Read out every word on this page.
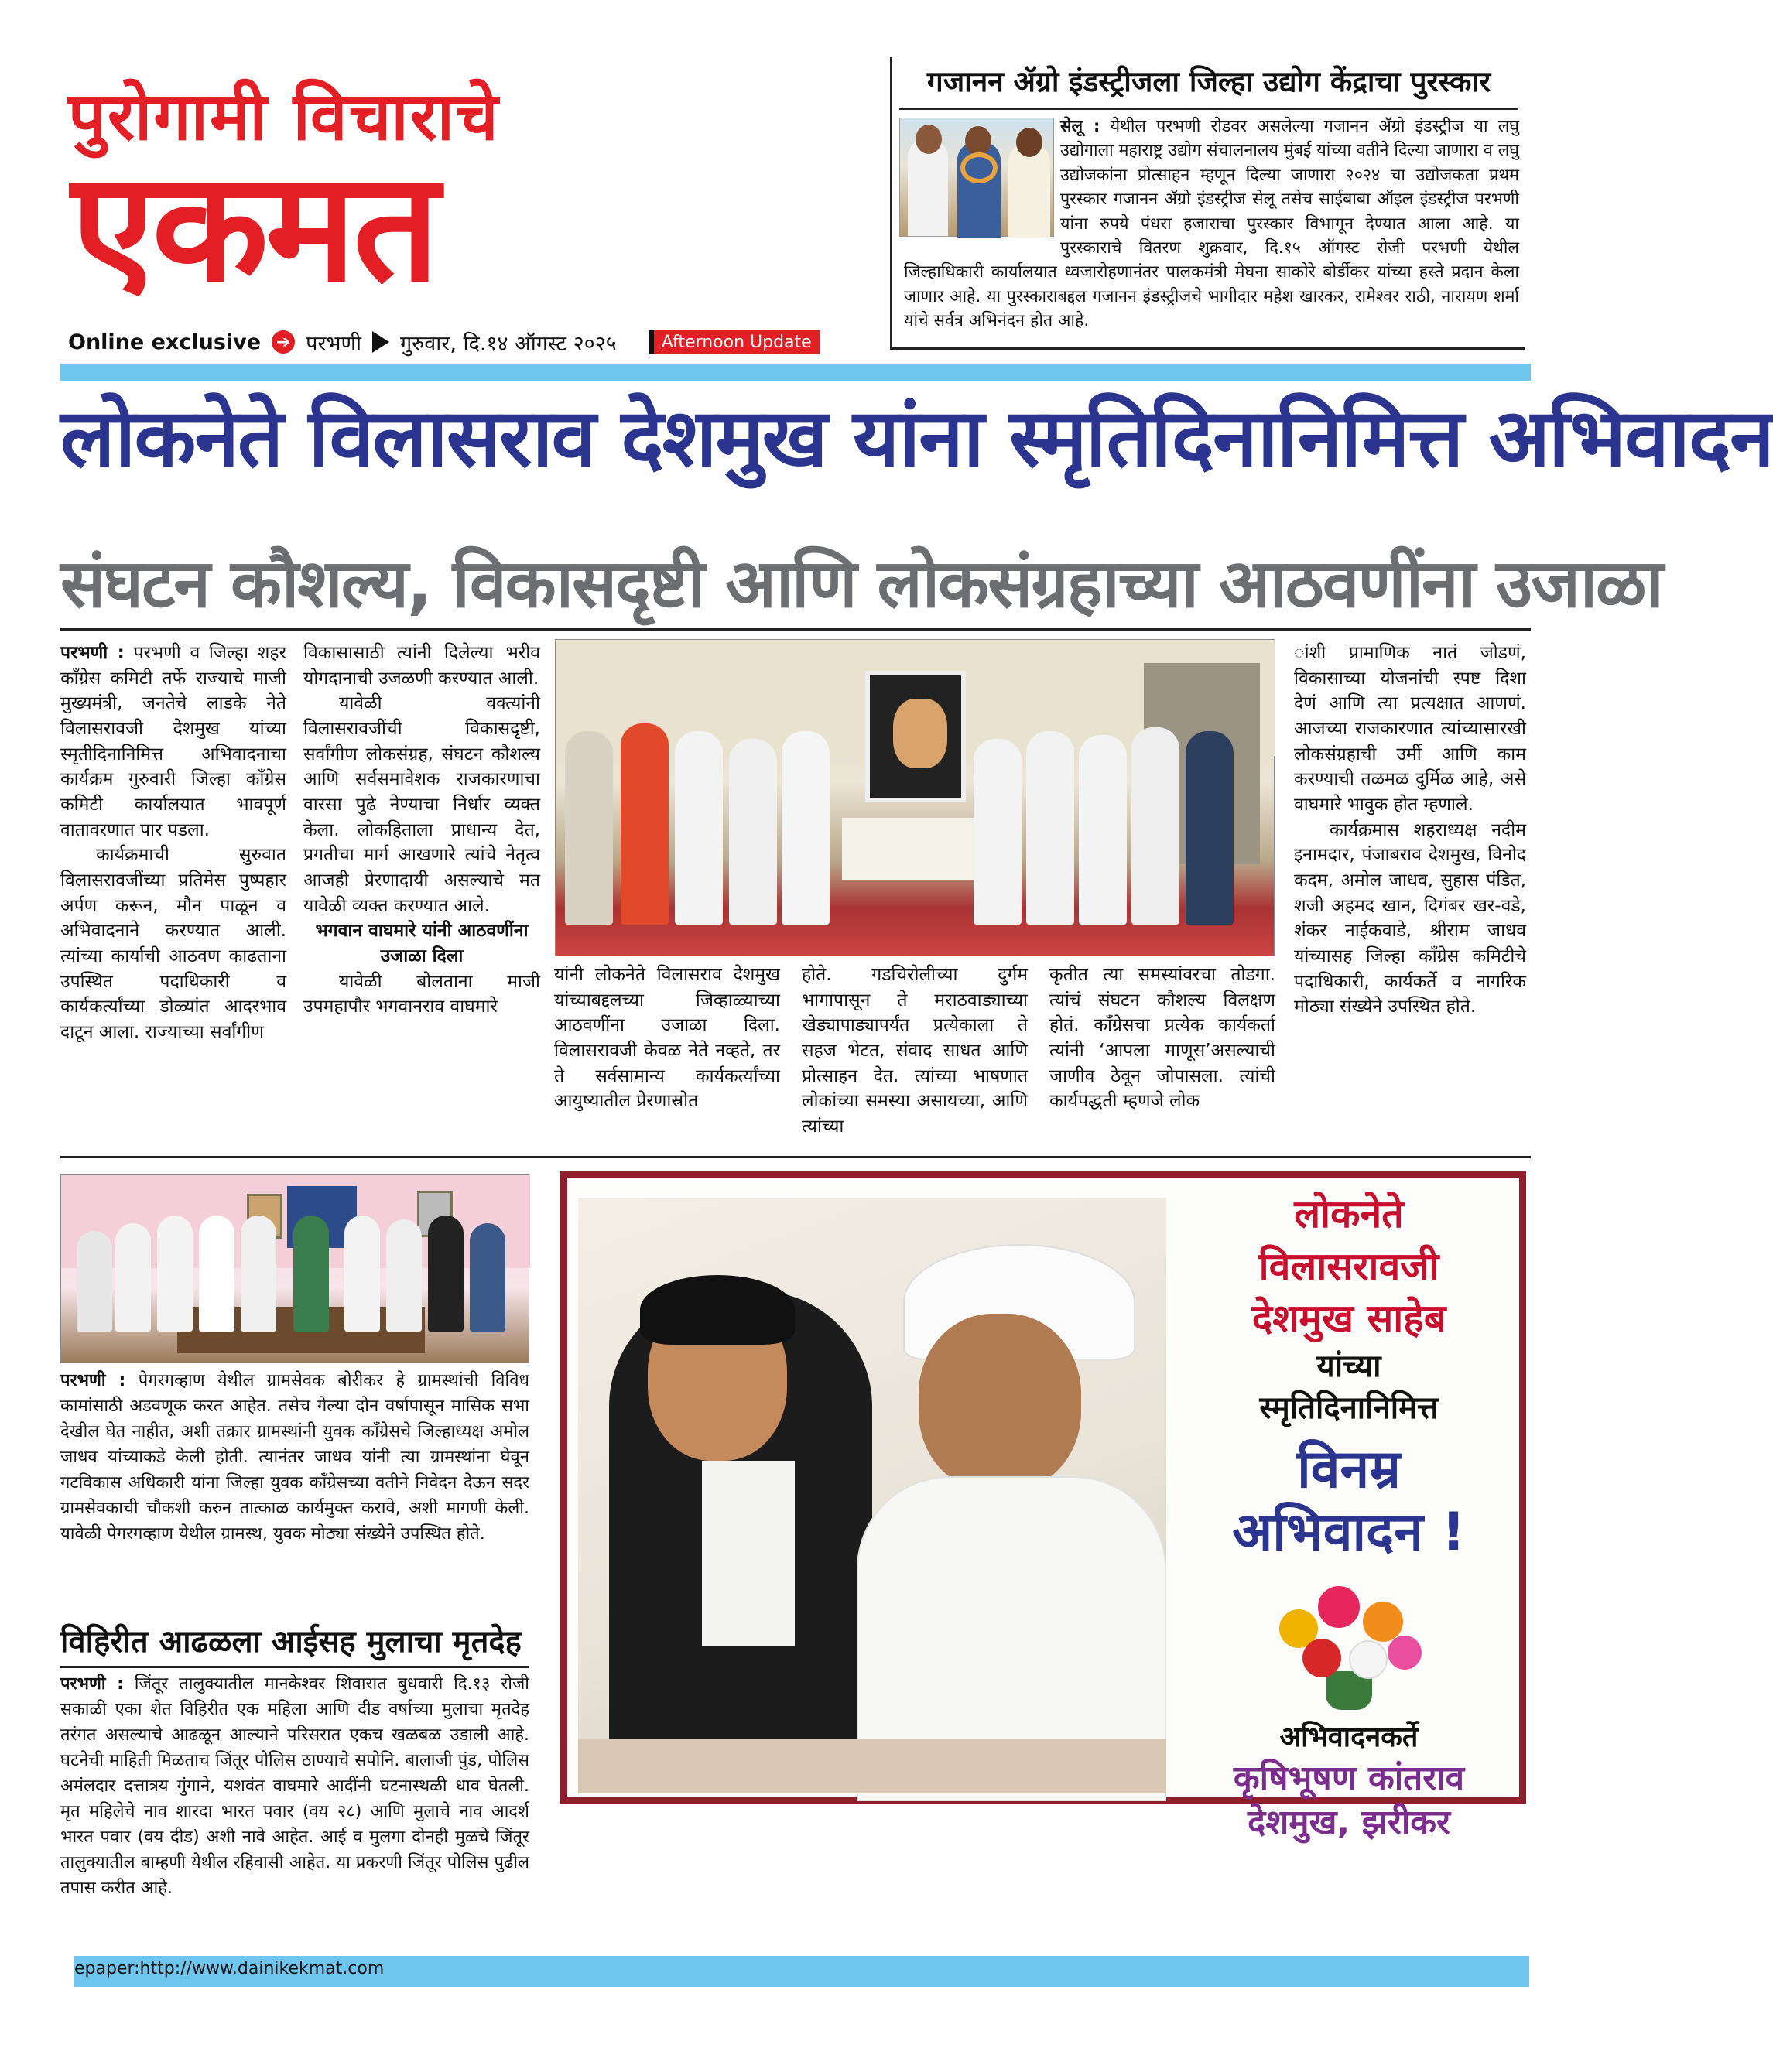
पुरोगामी विचाराचे
एकमत
Online exclusive ➔ परभणी गुरुवार, दि.१४ ऑगस्ट २०२५	Afternoon Update
गजानन ॲग्रो इंडस्ट्रीजला जिल्हा उद्योग केंद्राचा पुरस्कार
सेलू : येथील परभणी रोडवर असलेल्या गजानन ॲग्रो इंडस्ट्रीज या लघु उद्योगाला महाराष्ट्र उद्योग संचालनालय मुंबई यांच्या वतीने दिल्या जाणारा व लघु उद्योजकांना प्रोत्साहन म्हणून दिल्या जाणारा २०२४ चा उद्योजकता प्रथम पुरस्कार गजानन ॲग्रो इंडस्ट्रीज सेलू तसेच साईबाबा ऑइल इंडस्ट्रीज परभणी यांना रुपये पंधरा हजाराचा पुरस्कार विभागून देण्यात आला आहे. या पुरस्काराचे वितरण शुक्रवार, दि.१५ ऑगस्ट रोजी परभणी येथील जिल्हाधिकारी कार्यालयात ध्वजारोहणानंतर पालकमंत्री मेघना साकोरे बोर्डीकर यांच्या हस्ते प्रदान केला जाणार आहे. या पुरस्काराबद्दल गजानन इंडस्ट्रीजचे भागीदार महेश खारकर, रामेश्वर राठी, नारायण शर्मा यांचे सर्वत्र अभिनंदन होत आहे.
लोकनेते विलासराव देशमुख यांना स्मृतिदिनानिमित्त अभिवादन
संघटन कौशल्य, विकासदृष्टी आणि लोकसंग्रहाच्या आठवणींना उजाळा
परभणी : परभणी व जिल्हा शहर कॉंग्रेस कमिटी तर्फे राज्याचे माजी मुख्यमंत्री, जनतेचे लाडके नेते विलासरावजी देशमुख यांच्या स्मृतीदिनानिमित्त अभिवादनाचा कार्यक्रम गुरुवारी जिल्हा कॉंग्रेस कमिटी कार्यालयात भावपूर्ण वातावरणात पार पडला.
कार्यक्रमाची सुरुवात विलासरावजींच्या प्रतिमेस पुष्पहार अर्पण करून, मौन पाळून व अभिवादनाने करण्यात आली. त्यांच्या कार्याची आठवण काढताना उपस्थित पदाधिकारी व कार्यकर्त्यांच्या डोळ्यांत आदरभाव दाटून आला. राज्याच्या सर्वांगीण
विकासासाठी त्यांनी दिलेल्या भरीव योगदानाची उजळणी करण्यात आली.
यावेळी वक्त्यांनी विलासरावजींची विकासदृष्टी, सर्वांगीण लोकसंग्रह, संघटन कौशल्य आणि सर्वसमावेशक राजकारणाचा वारसा पुढे नेण्याचा निर्धार व्यक्त केला. लोकहिताला प्राधान्य देत, प्रगतीचा मार्ग आखणारे त्यांचे नेतृत्व आजही प्रेरणादायी असल्याचे मत यावेळी व्यक्त करण्यात आले.
भगवान वाघमारे यांनी आठवणींना उजाळा दिला
यावेळी बोलताना माजी उपमहापौर भगवानराव वाघमारे
यांनी लोकनेते विलासराव देशमुख यांच्याबद्दलच्या जिव्हाळ्याच्या आठवणींना उजाळा दिला. विलासरावजी केवळ नेते नव्हते, तर ते सर्वसामान्य कार्यकर्त्यांच्या आयुष्यातील प्रेरणास्रोत
होते. गडचिरोलीच्या दुर्गम भागापासून ते मराठवाड्याच्या खेड्यापाड्यापर्यंत प्रत्येकाला ते सहज भेटत, संवाद साधत आणि प्रोत्साहन देत. त्यांच्या भाषणात लोकांच्या समस्या असायच्या, आणि त्यांच्या
कृतीत त्या समस्यांवरचा तोडगा. त्यांचं संघटन कौशल्य विलक्षण होतं. कॉंग्रेसचा प्रत्येक कार्यकर्ता त्यांनी ‘आपला माणूस’असल्याची जाणीव ठेवून जोपासला. त्यांची कार्यपद्धती म्हणजे लोक
ांशी प्रामाणिक नातं जोडणं, विकासाच्या योजनांची स्पष्ट दिशा देणं आणि त्या प्रत्यक्षात आणणं. आजच्या राजकारणात त्यांच्यासारखी लोकसंग्रहाची उर्मी आणि काम करण्याची तळमळ दुर्मिळ आहे, असे वाघमारे भावुक होत म्हणाले.
कार्यक्रमास शहराध्यक्ष नदीम इनामदार, पंजाबराव देशमुख, विनोद कदम, अमोल जाधव, सुहास पंडित, शजी अहमद खान, दिगंबर खर-वडे, शंकर नाईकवाडे, श्रीराम जाधव यांच्यासह जिल्हा कॉंग्रेस कमिटीचे पदाधिकारी, कार्यकर्ते व नागरिक मोठ्या संख्येने उपस्थित होते.
परभणी : पेगरगव्हाण येथील ग्रामसेवक बोरीकर हे ग्रामस्थांची विविध कामांसाठी अडवणूक करत आहेत. तसेच गेल्या दोन वर्षापासून मासिक सभा देखील घेत नाहीत, अशी तक्रार ग्रामस्थांनी युवक कॉंग्रेसचे जिल्हाध्यक्ष अमोल जाधव यांच्याकडे केली होती. त्यानंतर जाधव यांनी त्या ग्रामस्थांना घेवून गटविकास अधिकारी यांना जिल्हा युवक कॉंग्रेसच्या वतीने निवेदन देऊन सदर ग्रामसेवकाची चौकशी करुन तात्काळ कार्यमुक्त करावे, अशी मागणी केली. यावेळी पेगरगव्हाण येथील ग्रामस्थ, युवक मोठ्या संख्येने उपस्थित होते.
विहिरीत आढळला आईसह मुलाचा मृतदेह
परभणी : जिंतूर तालुक्यातील मानकेश्वर शिवारात बुधवारी दि.१३ रोजी सकाळी एका शेत विहिरीत एक महिला आणि दीड वर्षाच्या मुलाचा मृतदेह तरंगत असल्याचे आढळून आल्याने परिसरात एकच खळबळ उडाली आहे. घटनेची माहिती मिळताच जिंतूर पोलिस ठाण्याचे सपोनि. बालाजी पुंड, पोलिस अमंलदार दत्तात्रय गुंगाने, यशवंत वाघमारे आदींनी घटनास्थळी धाव घेतली. मृत महिलेचे नाव शारदा भारत पवार (वय २८) आणि मुलाचे नाव आदर्श भारत पवार (वय दीड) अशी नावे आहेत. आई व मुलगा दोनही मुळचे जिंतूर तालुक्यातील बाम्हणी येथील रहिवासी आहेत. या प्रकरणी जिंतूर पोलिस पुढील तपास करीत आहे.
लोकनेते
विलासरावजी
देशमुख साहेब
यांच्या
स्मृतिदिनानिमित्त
विनम्र
अभिवादन !
अभिवादनकर्ते
कृषिभूषण कांतराव
देशमुख, झरीकर
epaper:http://www.dainikekmat.com
